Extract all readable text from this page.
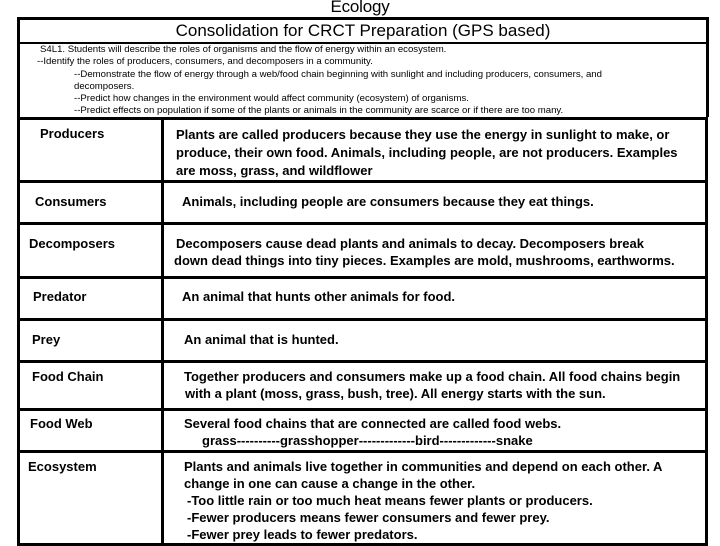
Ecology
Consolidation for CRCT Preparation (GPS based)
S4L1. Students will describe the roles of organisms and the flow of energy within an ecosystem.
--Identify the roles of producers, consumers, and decomposers in a community.
--Demonstrate the flow of energy through a web/food chain beginning with sunlight and including producers, consumers, and
decomposers.
--Predict how changes in the environment would affect community (ecosystem) of organisms.
--Predict effects on population if some of the plants or animals in the community are scarce or if there are too many.
Producers	Plants are called producers because they use the energy in sunlight to make, or
produce, their own food. Animals, including people, are not producers. Examples
are moss, grass, and wildflower

Consumers	Animals, including people are consumers because they eat things.

Decomposers	Decomposers cause dead plants and animals to decay. Decomposers break
down dead things into tiny pieces. Examples are mold, mushrooms, earthworms.

Predator	An animal that hunts other animals for food.

Prey	An animal that is hunted.

Food Chain	Together producers and consumers make up a food chain. All food chains begin
with a plant (moss, grass, bush, tree). All energy starts with the sun.

Food Web	Several food chains that are connected are called food webs.
grass----------grasshopper-------------bird-------------snake

Ecosystem	Plants and animals live together in communities and depend on each other. A
change in one can cause a change in the other.
-Too little rain or too much heat means fewer plants or producers.
-Fewer producers means fewer consumers and fewer prey.
-Fewer prey leads to fewer predators.
